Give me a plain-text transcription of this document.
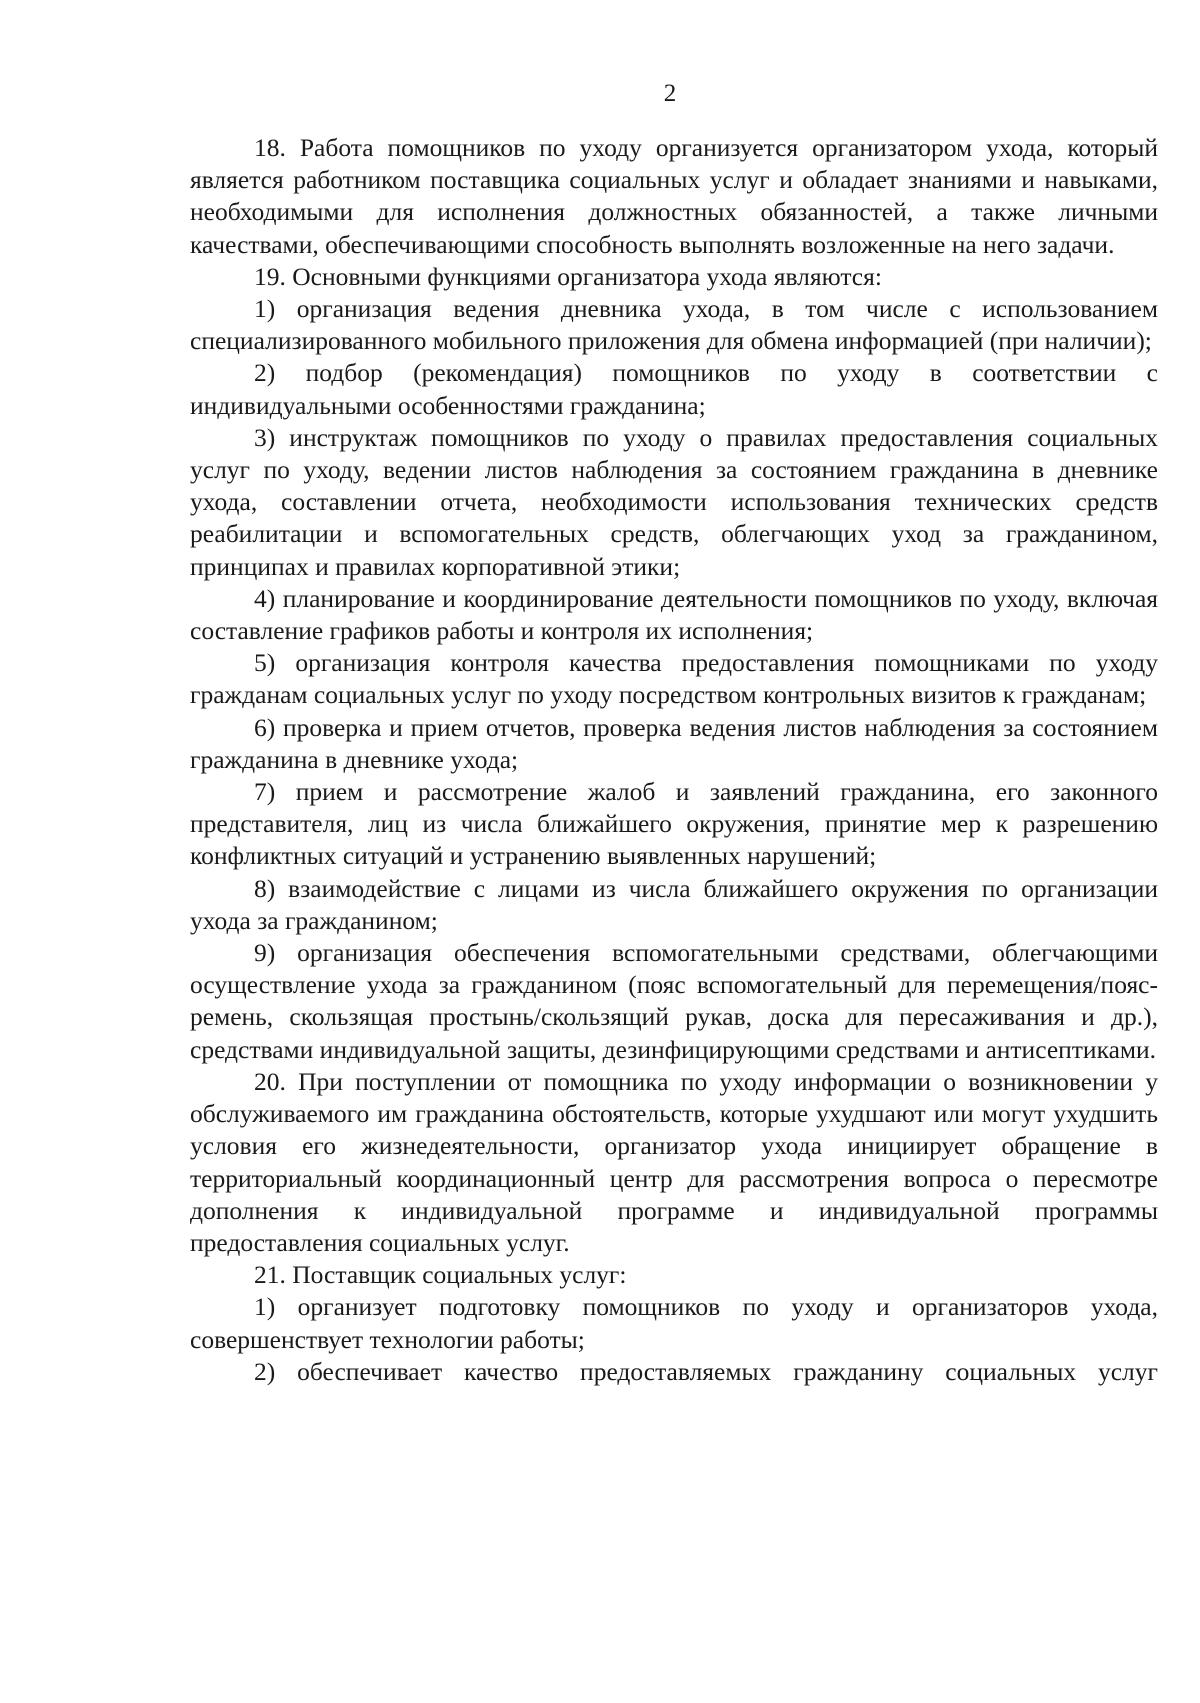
2

18. Работа помощников по уходу организуется организатором ухода, который является работником поставщика социальных услуг и обладает знаниями и навыками, необходимыми для исполнения должностных обязанностей, а также личными качествами, обеспечивающими способность выполнять возложенные на него задачи.

19. Основными функциями организатора ухода являются:

1) организация ведения дневника ухода, в том числе с использованием специализированного мобильного приложения для обмена информацией (при наличии);

2) подбор (рекомендация) помощников по уходу в соответствии с индивидуальными особенностями гражданина;

3) инструктаж помощников по уходу о правилах предоставления социальных услуг по уходу, ведении листов наблюдения за состоянием гражданина в дневнике ухода, составлении отчета, необходимости использования технических средств реабилитации и вспомогательных средств, облегчающих уход за гражданином, принципах и правилах корпоративной этики;

4) планирование и координирование деятельности помощников по уходу, включая составление графиков работы и контроля их исполнения;

5) организация контроля качества предоставления помощниками по уходу гражданам социальных услуг по уходу посредством контрольных визитов к гражданам;

6) проверка и прием отчетов, проверка ведения листов наблюдения за состоянием гражданина в дневнике ухода;

7) прием и рассмотрение жалоб и заявлений гражданина, его законного представителя, лиц из числа ближайшего окружения, принятие мер к разрешению конфликтных ситуаций и устранению выявленных нарушений;

8) взаимодействие с лицами из числа ближайшего окружения по организации ухода за гражданином;

9) организация обеспечения вспомогательными средствами, облегчающими осуществление ухода за гражданином (пояс вспомогательный для перемещения/пояс-ремень, скользящая простынь/скользящий рукав, доска для пересаживания и др.), средствами индивидуальной защиты, дезинфицирующими средствами и антисептиками.

20. При поступлении от помощника по уходу информации о возникновении у обслуживаемого им гражданина обстоятельств, которые ухудшают или могут ухудшить условия его жизнедеятельности, организатор ухода инициирует обращение в территориальный координационный центр для рассмотрения вопроса о пересмотре дополнения к индивидуальной программе и индивидуальной программы предоставления социальных услуг.

21. Поставщик социальных услуг:

1) организует подготовку помощников по уходу и организаторов ухода, совершенствует технологии работы;

2) обеспечивает качество предоставляемых гражданину социальных услуг
